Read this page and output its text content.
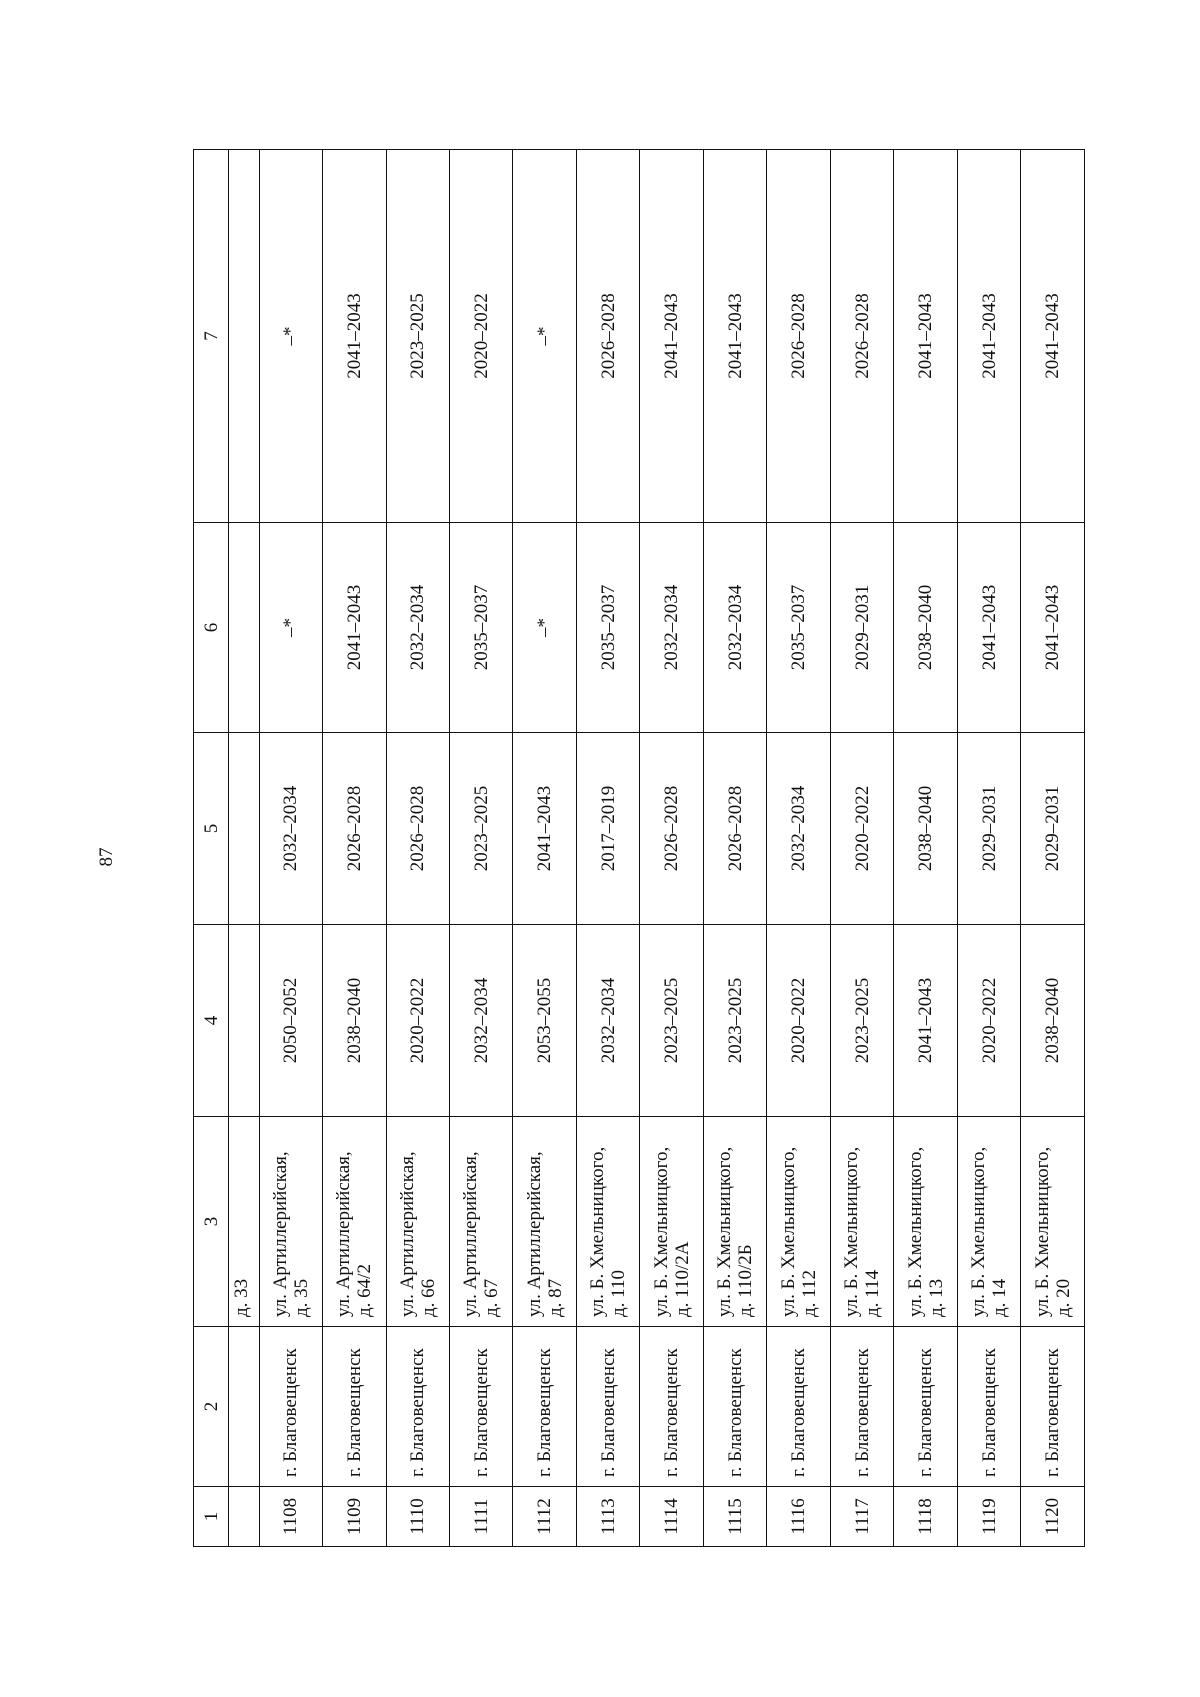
87
1	2	3	4	5	6	7
		д. 33				
1108	г. Благовещенск	ул. Артиллерийская, д. 35	2050–2052	2032–2034	–*	–*
1109	г. Благовещенск	ул. Артиллерийская, д. 64/2	2038–2040	2026–2028	2041–2043	2041–2043
1110	г. Благовещенск	ул. Артиллерийская, д. 66	2020–2022	2026–2028	2032–2034	2023–2025
1111	г. Благовещенск	ул. Артиллерийская, д. 67	2032–2034	2023–2025	2035–2037	2020–2022
1112	г. Благовещенск	ул. Артиллерийская, д. 87	2053–2055	2041–2043	–*	–*
1113	г. Благовещенск	ул. Б. Хмельницкого, д. 110	2032–2034	2017–2019	2035–2037	2026–2028
1114	г. Благовещенск	ул. Б. Хмельницкого, д. 110/2А	2023–2025	2026–2028	2032–2034	2041–2043
1115	г. Благовещенск	ул. Б. Хмельницкого, д. 110/2Б	2023–2025	2026–2028	2032–2034	2041–2043
1116	г. Благовещенск	ул. Б. Хмельницкого, д. 112	2020–2022	2032–2034	2035–2037	2026–2028
1117	г. Благовещенск	ул. Б. Хмельницкого, д. 114	2023–2025	2020–2022	2029–2031	2026–2028
1118	г. Благовещенск	ул. Б. Хмельницкого, д. 13	2041–2043	2038–2040	2038–2040	2041–2043
1119	г. Благовещенск	ул. Б. Хмельницкого, д. 14	2020–2022	2029–2031	2041–2043	2041–2043
1120	г. Благовещенск	ул. Б. Хмельницкого, д. 20	2038–2040	2029–2031	2041–2043	2041–2043
